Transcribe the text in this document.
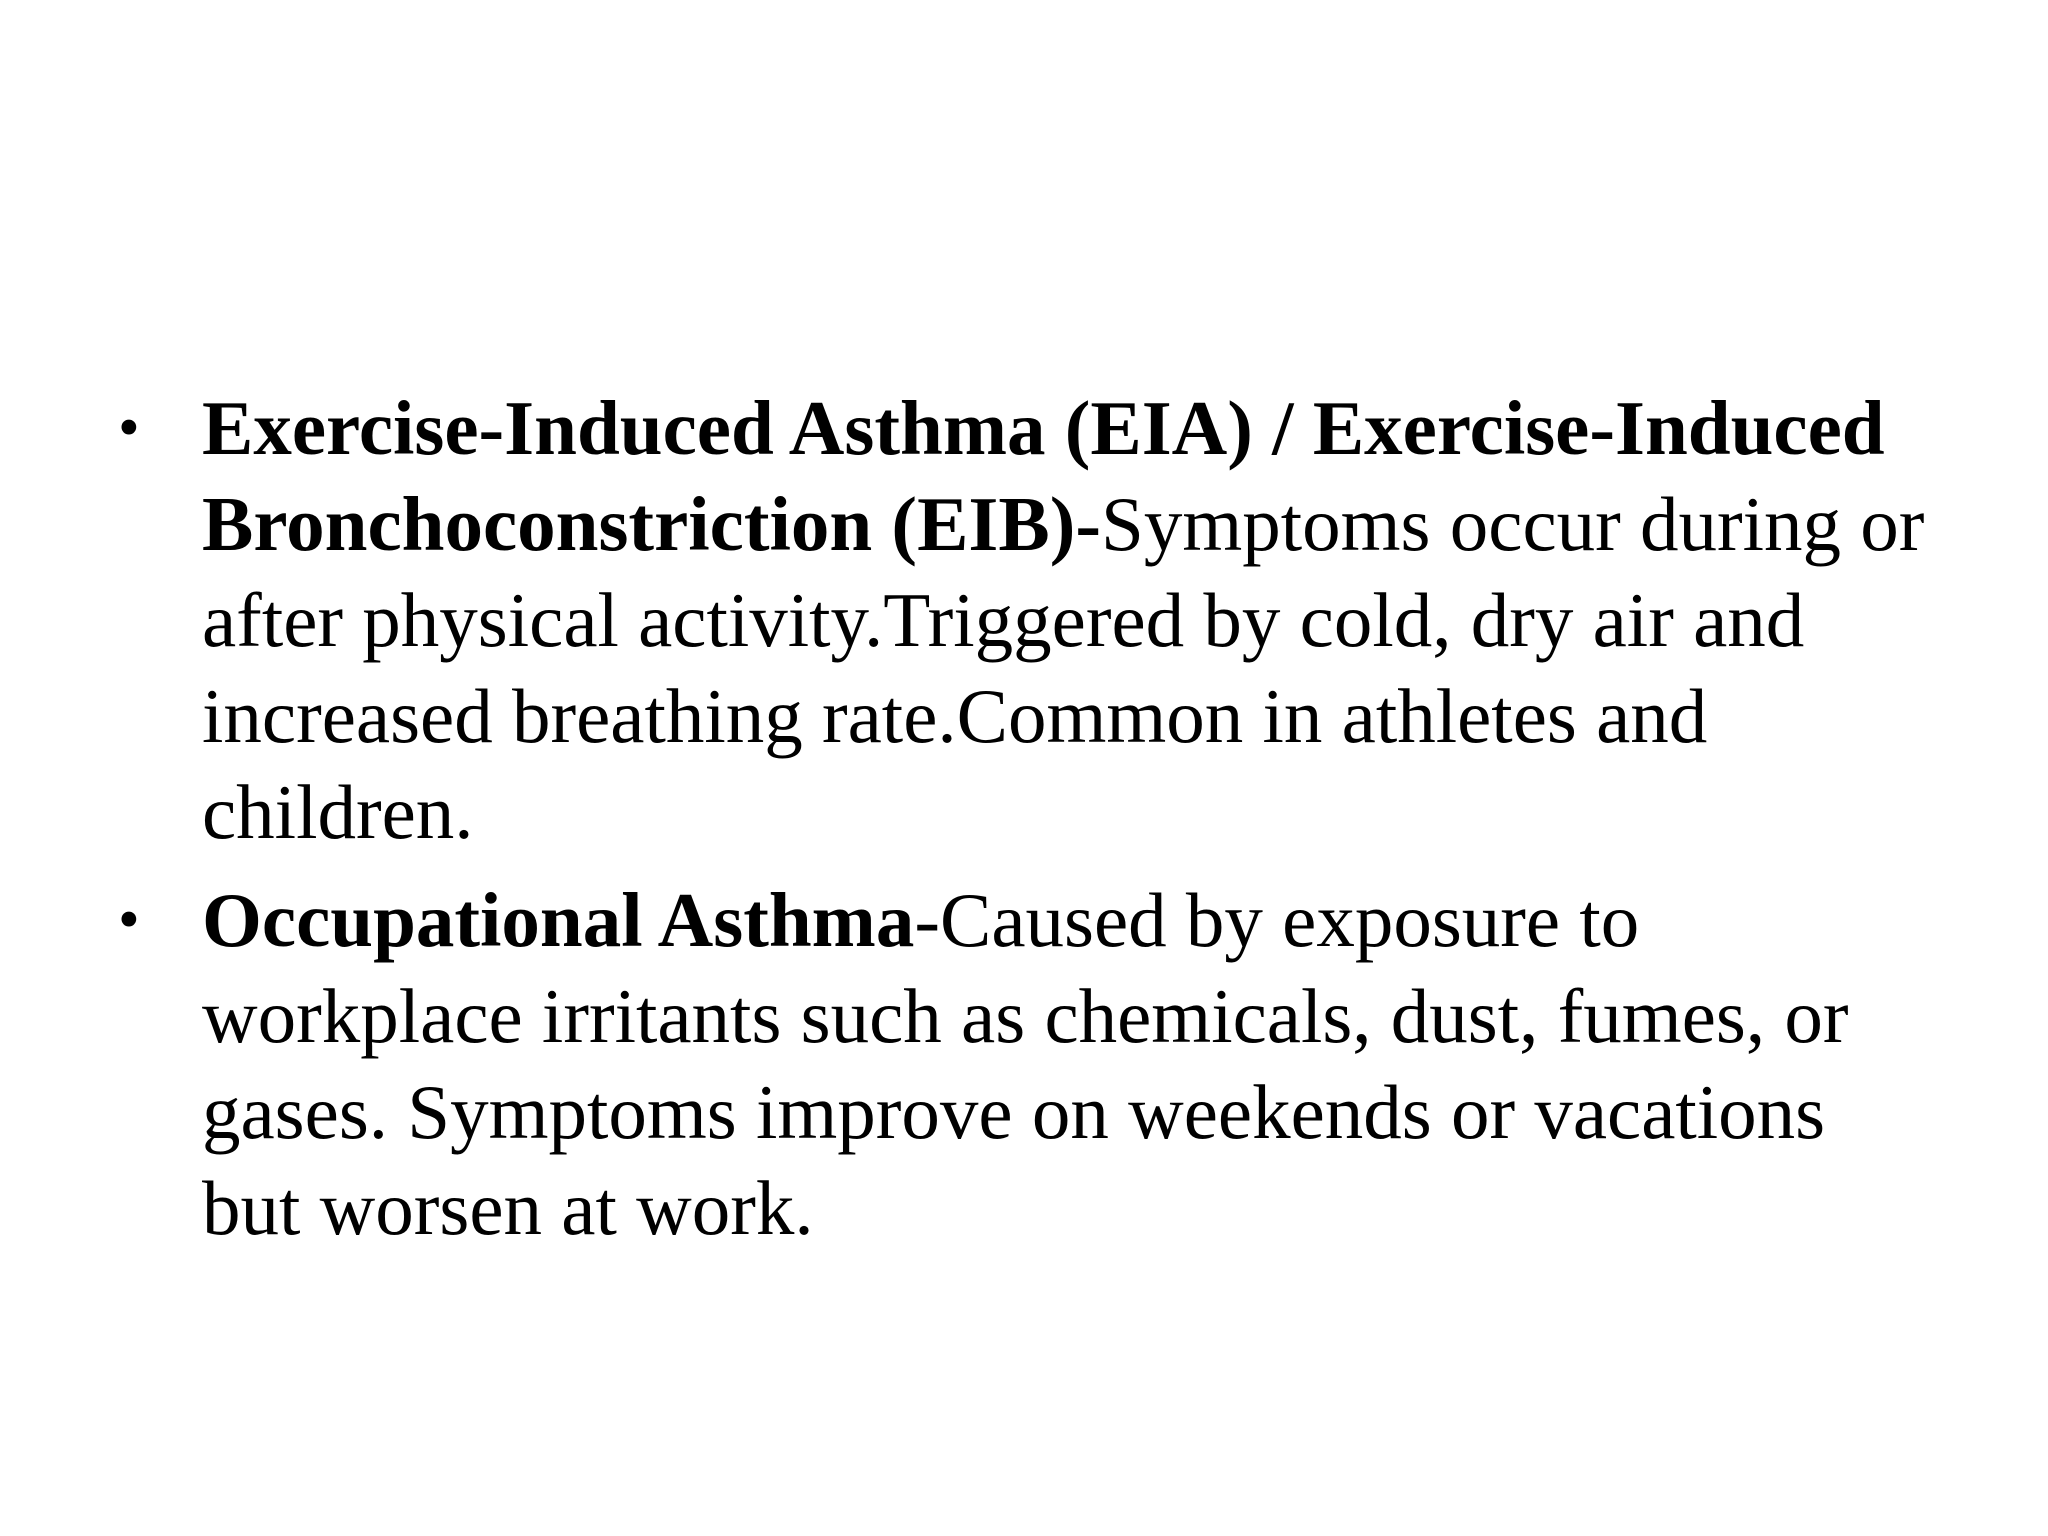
• Exercise-Induced Asthma (EIA) / Exercise-Induced Bronchoconstriction (EIB)-Symptoms occur during or after physical activity.Triggered by cold, dry air and increased breathing rate.Common in athletes and children.
• Occupational Asthma-Caused by exposure to workplace irritants such as chemicals, dust, fumes, or gases. Symptoms improve on weekends or vacations but worsen at work.
